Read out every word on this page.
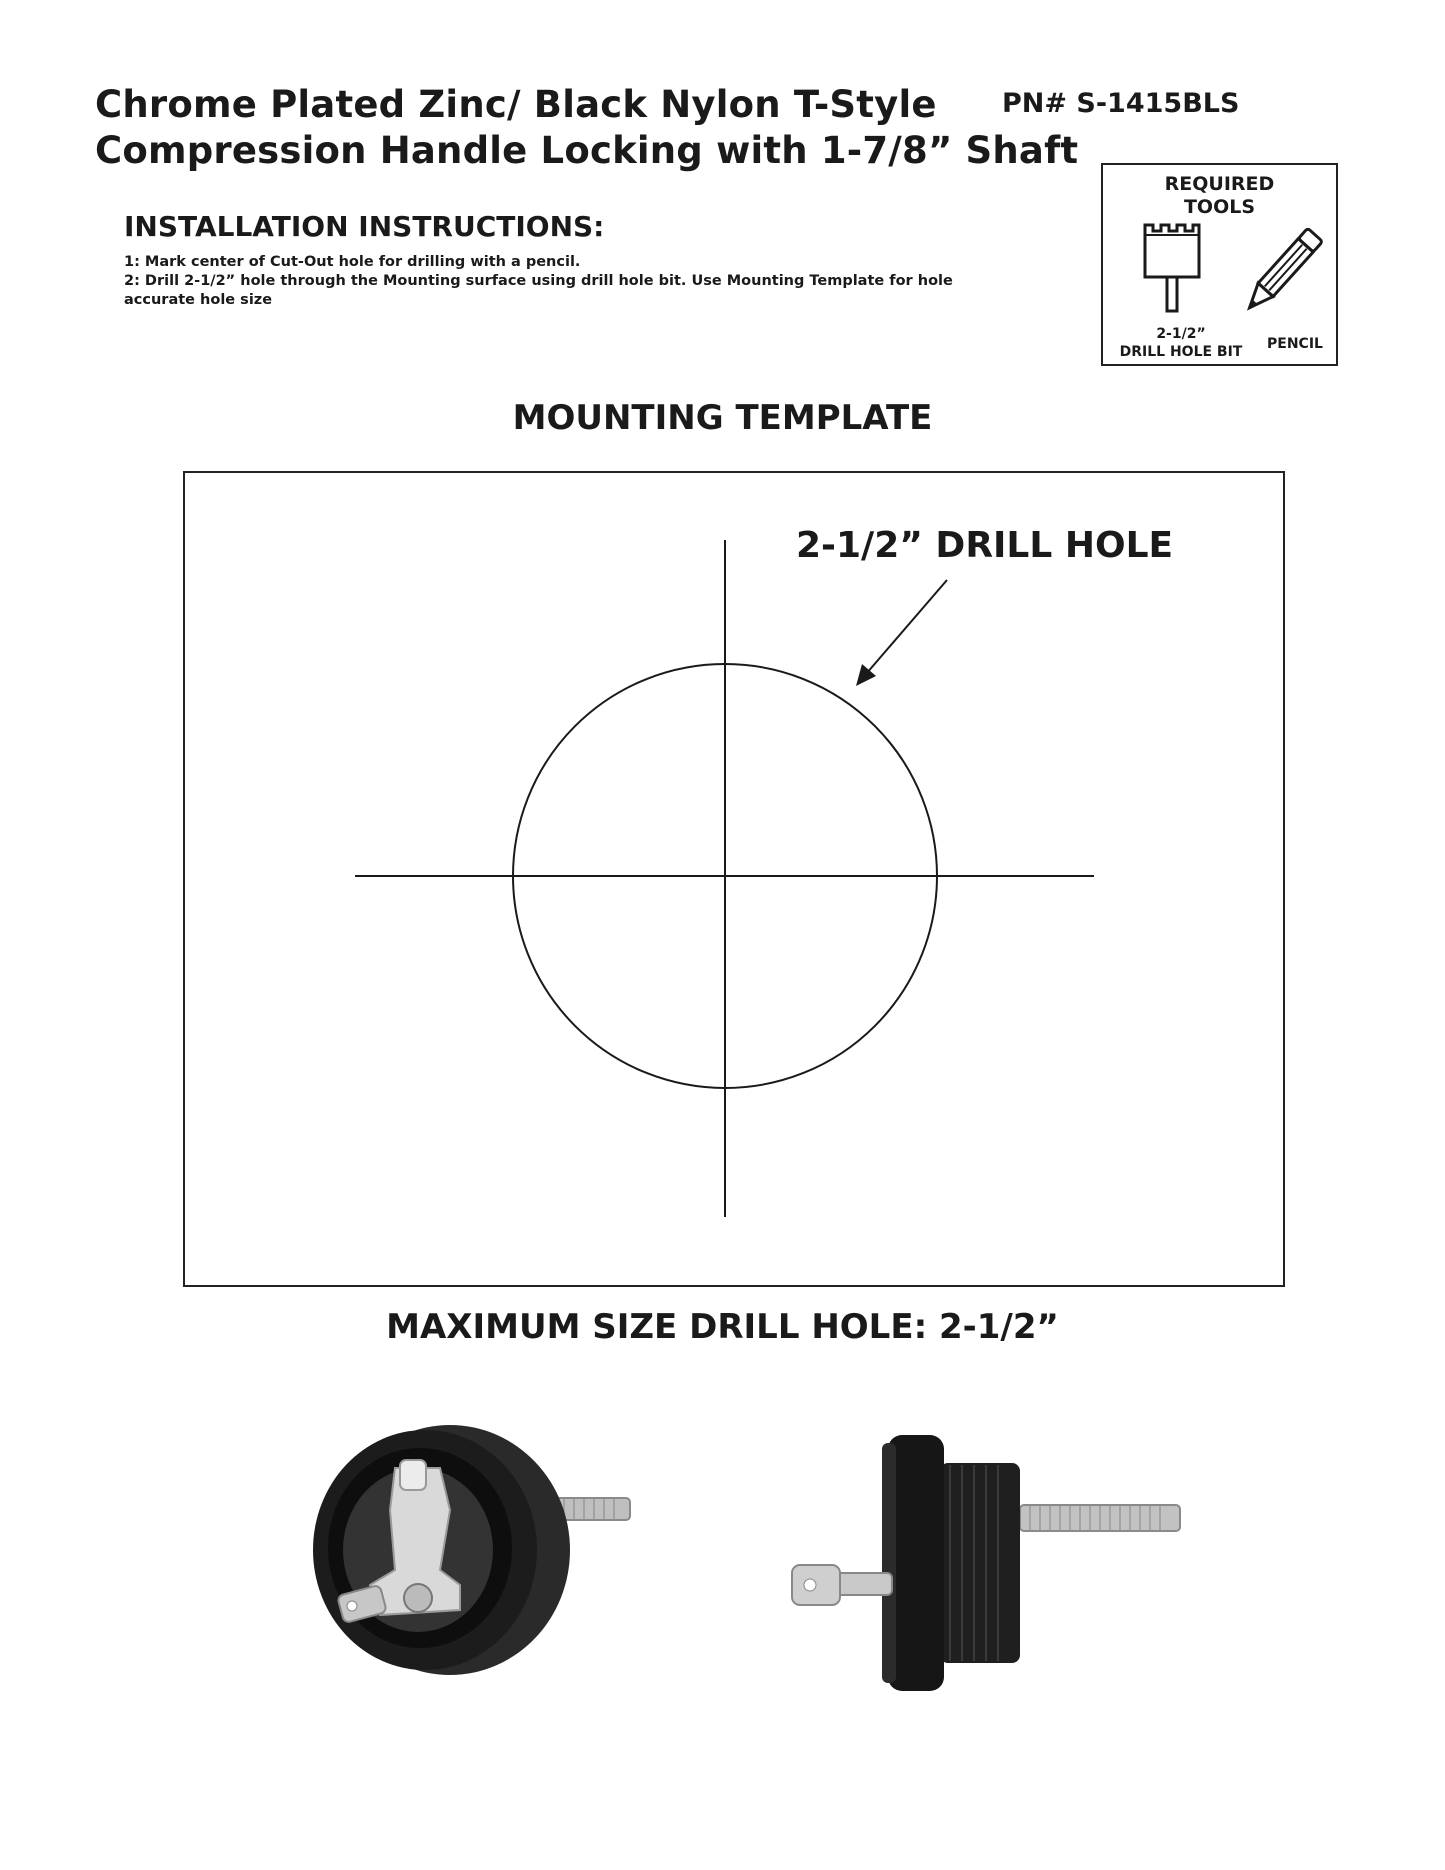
Chrome Plated Zinc/ Black Nylon T-Style
Compression Handle Locking with 1-7/8” Shaft
PN# S-1415BLS
INSTALLATION INSTRUCTIONS:
1: Mark center of Cut-Out hole for drilling with a pencil.
2: Drill 2-1/2” hole through the Mounting surface using drill hole bit. Use Mounting Template for hole accurate hole size
REQUIRED
TOOLS
2-1/2”
DRILL HOLE BIT	PENCIL
MOUNTING TEMPLATE
2-1/2” DRILL HOLE
MAXIMUM SIZE DRILL HOLE: 2-1/2”
